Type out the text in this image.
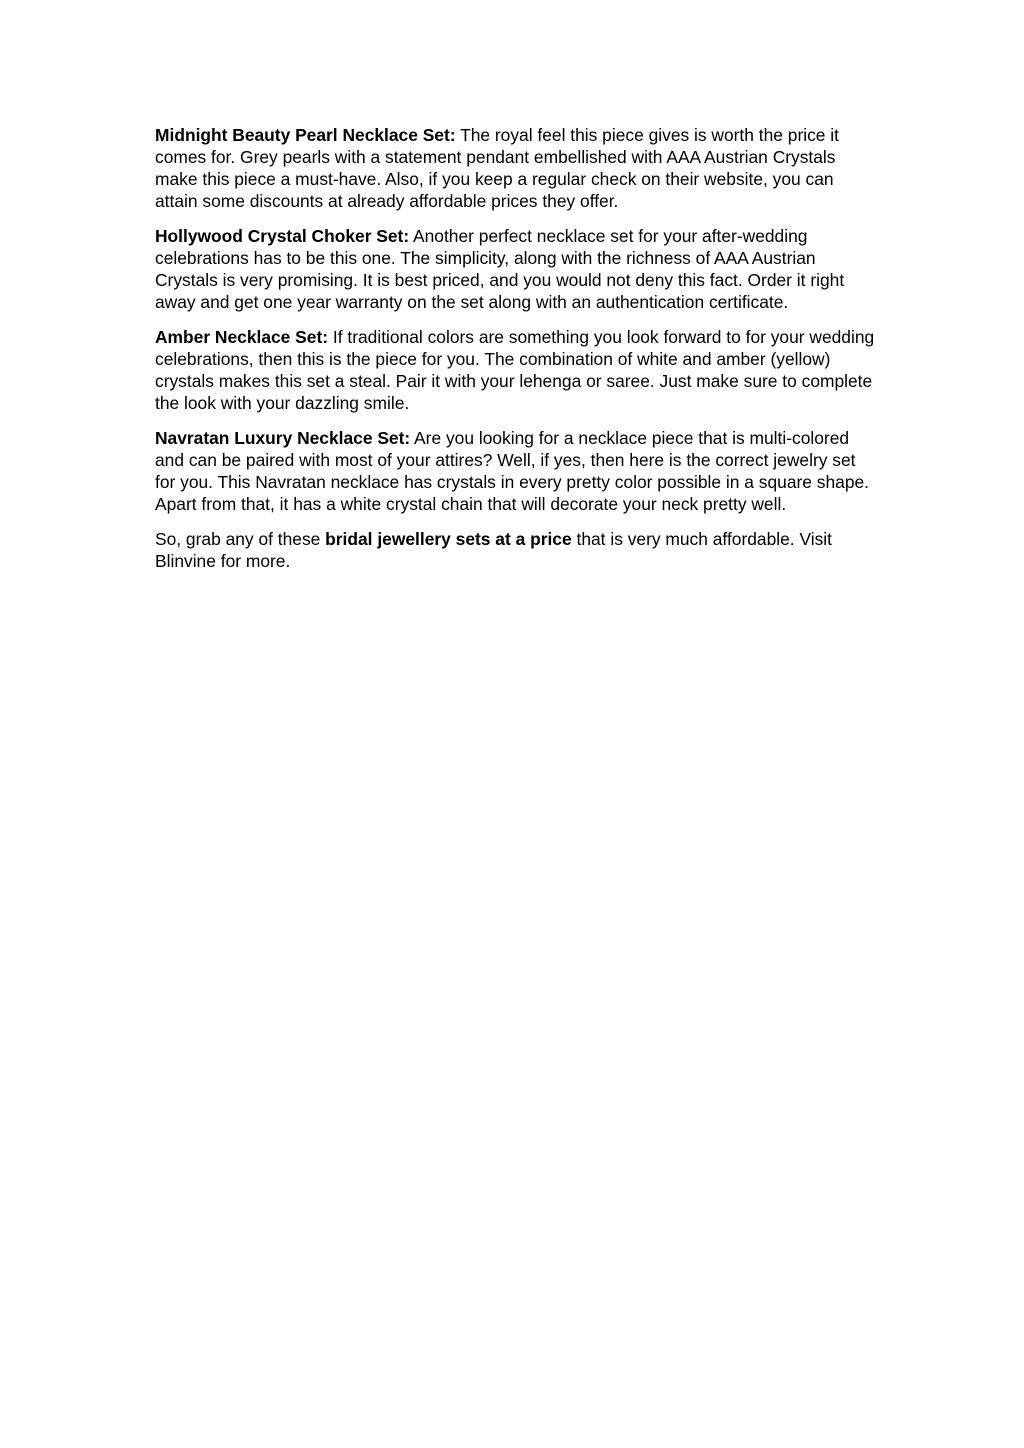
Midnight Beauty Pearl Necklace Set: The royal feel this piece gives is worth the price it comes for. Grey pearls with a statement pendant embellished with AAA Austrian Crystals make this piece a must-have. Also, if you keep a regular check on their website, you can attain some discounts at already affordable prices they offer.

Hollywood Crystal Choker Set: Another perfect necklace set for your after-wedding celebrations has to be this one. The simplicity, along with the richness of AAA Austrian Crystals is very promising. It is best priced, and you would not deny this fact. Order it right away and get one year warranty on the set along with an authentication certificate.

Amber Necklace Set: If traditional colors are something you look forward to for your wedding celebrations, then this is the piece for you. The combination of white and amber (yellow) crystals makes this set a steal. Pair it with your lehenga or saree. Just make sure to complete the look with your dazzling smile.

Navratan Luxury Necklace Set: Are you looking for a necklace piece that is multi-colored and can be paired with most of your attires? Well, if yes, then here is the correct jewelry set for you. This Navratan necklace has crystals in every pretty color possible in a square shape. Apart from that, it has a white crystal chain that will decorate your neck pretty well.

So, grab any of these bridal jewellery sets at a price that is very much affordable. Visit Blinvine for more.
